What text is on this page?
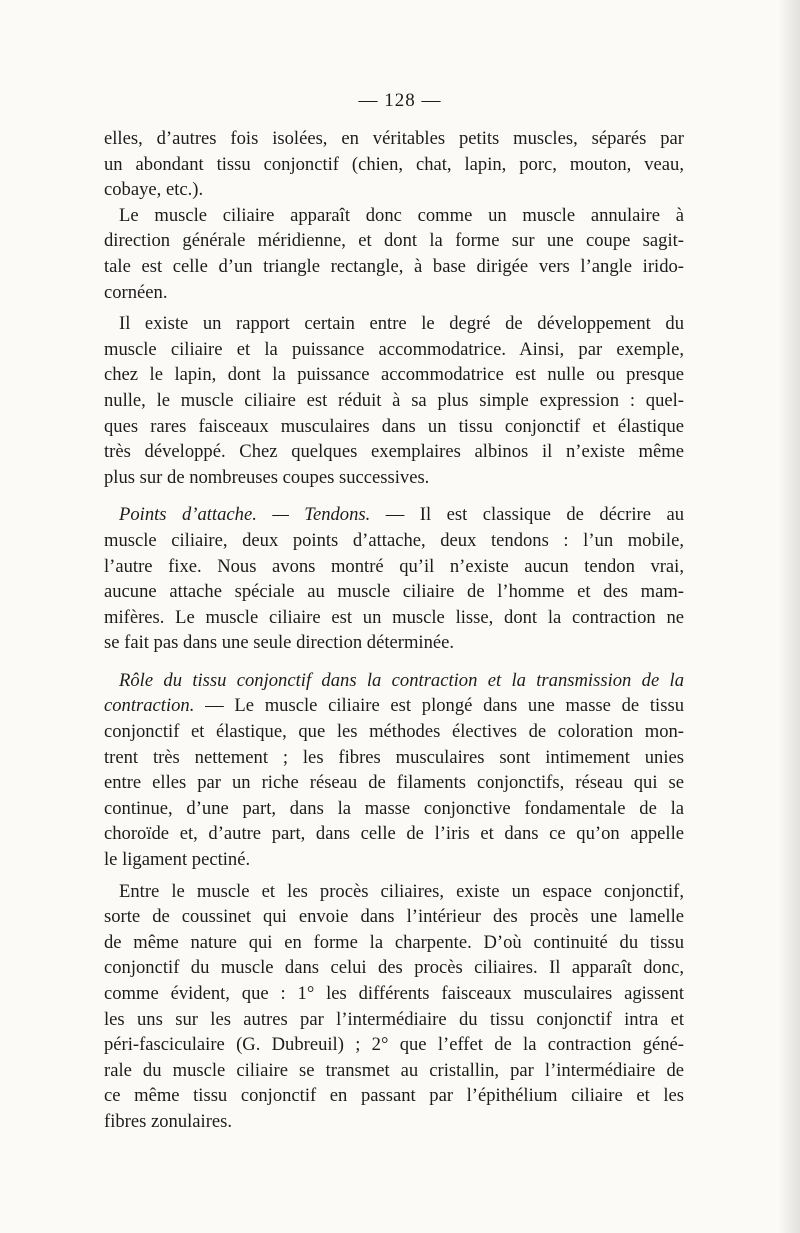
— 128 —

elles, d’autres fois isolées, en véritables petits muscles, séparés par
un abondant tissu conjonctif (chien, chat, lapin, porc, mouton, veau,
cobaye, etc.).

Le muscle ciliaire apparaît donc comme un muscle annulaire à
direction générale méridienne, et dont la forme sur une coupe sagit-
tale est celle d’un triangle rectangle, à base dirigée vers l’angle irido-
cornéen.

Il existe un rapport certain entre le degré de développement du
muscle ciliaire et la puissance accommodatrice. Ainsi, par exemple,
chez le lapin, dont la puissance accommodatrice est nulle ou presque
nulle, le muscle ciliaire est réduit à sa plus simple expression : quel-
ques rares faisceaux musculaires dans un tissu conjonctif et élastique
très développé. Chez quelques exemplaires albinos il n’existe même
plus sur de nombreuses coupes successives.

Points d’attache. — Tendons. — Il est classique de décrire au
muscle ciliaire, deux points d’attache, deux tendons : l’un mobile,
l’autre fixe. Nous avons montré qu’il n’existe aucun tendon vrai,
aucune attache spéciale au muscle ciliaire de l’homme et des mam-
mifères. Le muscle ciliaire est un muscle lisse, dont la contraction ne
se fait pas dans une seule direction déterminée.

Rôle du tissu conjonctif dans la contraction et la transmission de la
contraction. — Le muscle ciliaire est plongé dans une masse de tissu
conjonctif et élastique, que les méthodes électives de coloration mon-
trent très nettement ; les fibres musculaires sont intimement unies
entre elles par un riche réseau de filaments conjonctifs, réseau qui se
continue, d’une part, dans la masse conjonctive fondamentale de la
choroïde et, d’autre part, dans celle de l’iris et dans ce qu’on appelle
le ligament pectiné.

Entre le muscle et les procès ciliaires, existe un espace conjonctif,
sorte de coussinet qui envoie dans l’intérieur des procès une lamelle
de même nature qui en forme la charpente. D’où continuité du tissu
conjonctif du muscle dans celui des procès ciliaires. Il apparaît donc,
comme évident, que : 1° les différents faisceaux musculaires agissent
les uns sur les autres par l’intermédiaire du tissu conjonctif intra et
péri-fasciculaire (G. Dubreuil) ; 2° que l’effet de la contraction géné-
rale du muscle ciliaire se transmet au cristallin, par l’intermédiaire de
ce même tissu conjonctif en passant par l’épithélium ciliaire et les
fibres zonulaires.
